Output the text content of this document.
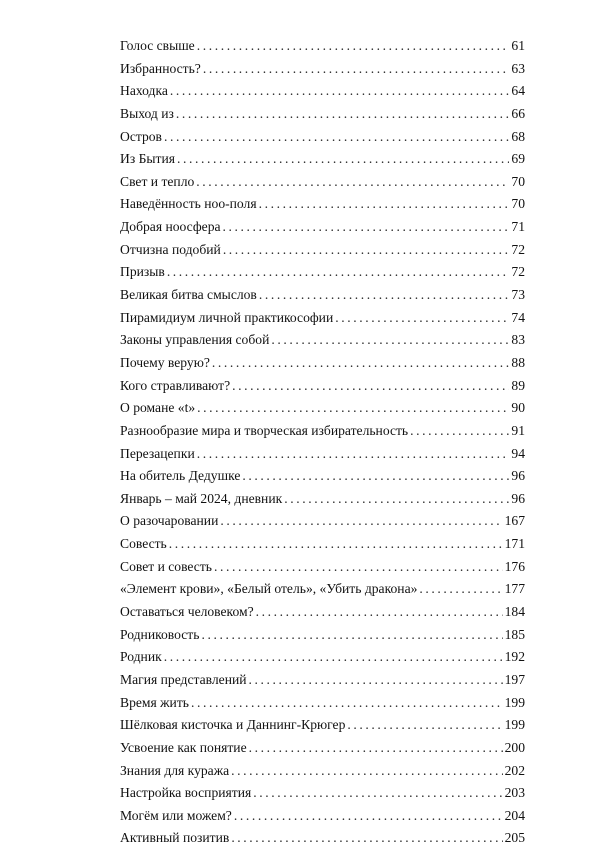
Голос свыше . . .	61
Избранность? . . .	63
Находка . . .	64
Выход из . . .	66
Остров . . .	68
Из Бытия . . .	69
Свет и тепло . . .	70
Наведённость ноо-поля . . .	70
Добрая ноосфера . . .	71
Отчизна подобий . . .	72
Призыв . . .	72
Великая битва смыслов . . .	73
Пирамидиум личной практикософии . . .	74
Законы управления собой . . .	83
Почему верую? . . .	88
Кого стравливают? . . .	89
О романе «t» . . .	90
Разнообразие мира и творческая избирательность . . .	91
Перезацепки . . .	94
На обитель Дедушке . . .	96
Январь – май 2024, дневник . . .	96
О разочаровании . . .	167
Совесть . . .	171
Совет и совесть . . .	176
«Элемент крови», «Белый отель», «Убить дракона» . . .	177
Оставаться человеком? . . .	184
Родниковость . . .	185
Родник . . .	192
Магия представлений . . .	197
Время жить . . .	199
Шёлковая кисточка и Даннинг-Крюгер . . .	199
Усвоение как понятие . . .	200
Знания для куража . . .	202
Настройка восприятия . . .	203
Могём или можем? . . .	204
Активный позитив . . .	205
